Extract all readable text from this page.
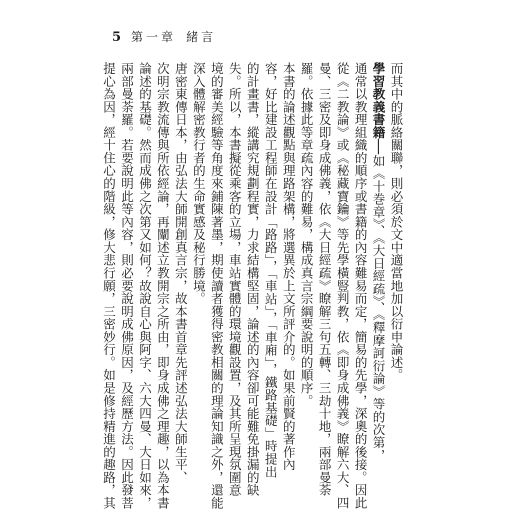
5 第一章 緒言
而其中的脈絡關聯，則必須於文中適當地加以衍申論述。
學習教義書籍──如《十巻章》、《大日經疏》、《釋摩訶衍論》等的次第，
通常以教理組織的順序或書籍的內容難易而定，簡易的先學，深奧的後接。因此
從《二教論》或《秘藏寶鑰》等先學橫豎判教，依《即身成佛義》瞭解六大、四
曼、三密及即身成佛義，依《大日經疏》瞭解三句五轉、三劫十地，兩部曼荼
羅。依據此等章疏內容的難易，構成真言宗綱要說明的順序。
本書的論述觀點與理路架構，將選異於上文所評介的。如果前賢的著作內
容，好比建設工程師在設計「路路」，「車站」，「車廂」，鐵路基礎」時提出
的計畫書，縱講究規劃程實，力求結構堅固，論述的內容卻可能難免掛漏的缺
失。所以，本書擬從乘客的立場，車站實體的環境觀設置，及其所呈現氛圍意
境的審美經驗等角度來鋪陳著墨，期使讀者獲得密教相關的理論知識之外，還能
深入體解密教行者的生命實感及秘行勝境。
唐密東傳日本，由弘法大師開創真言宗，故本書首章先評述弘法大師生平、
次明宗教流傳與所依經論，再闡述立教開宗之所由，即身成佛之理趣，以為本書
論述的基礎。然而成佛之次第又如何？故說自心與阿字、六大四曼、大日如來，
兩部曼荼羅。若要說明此等內容，則必要說明成佛原因，及經歷方法。因此發菩
提心為因，經十住心的階級，修大悲行願，三密妙行。如是修持精進的趣路，其
